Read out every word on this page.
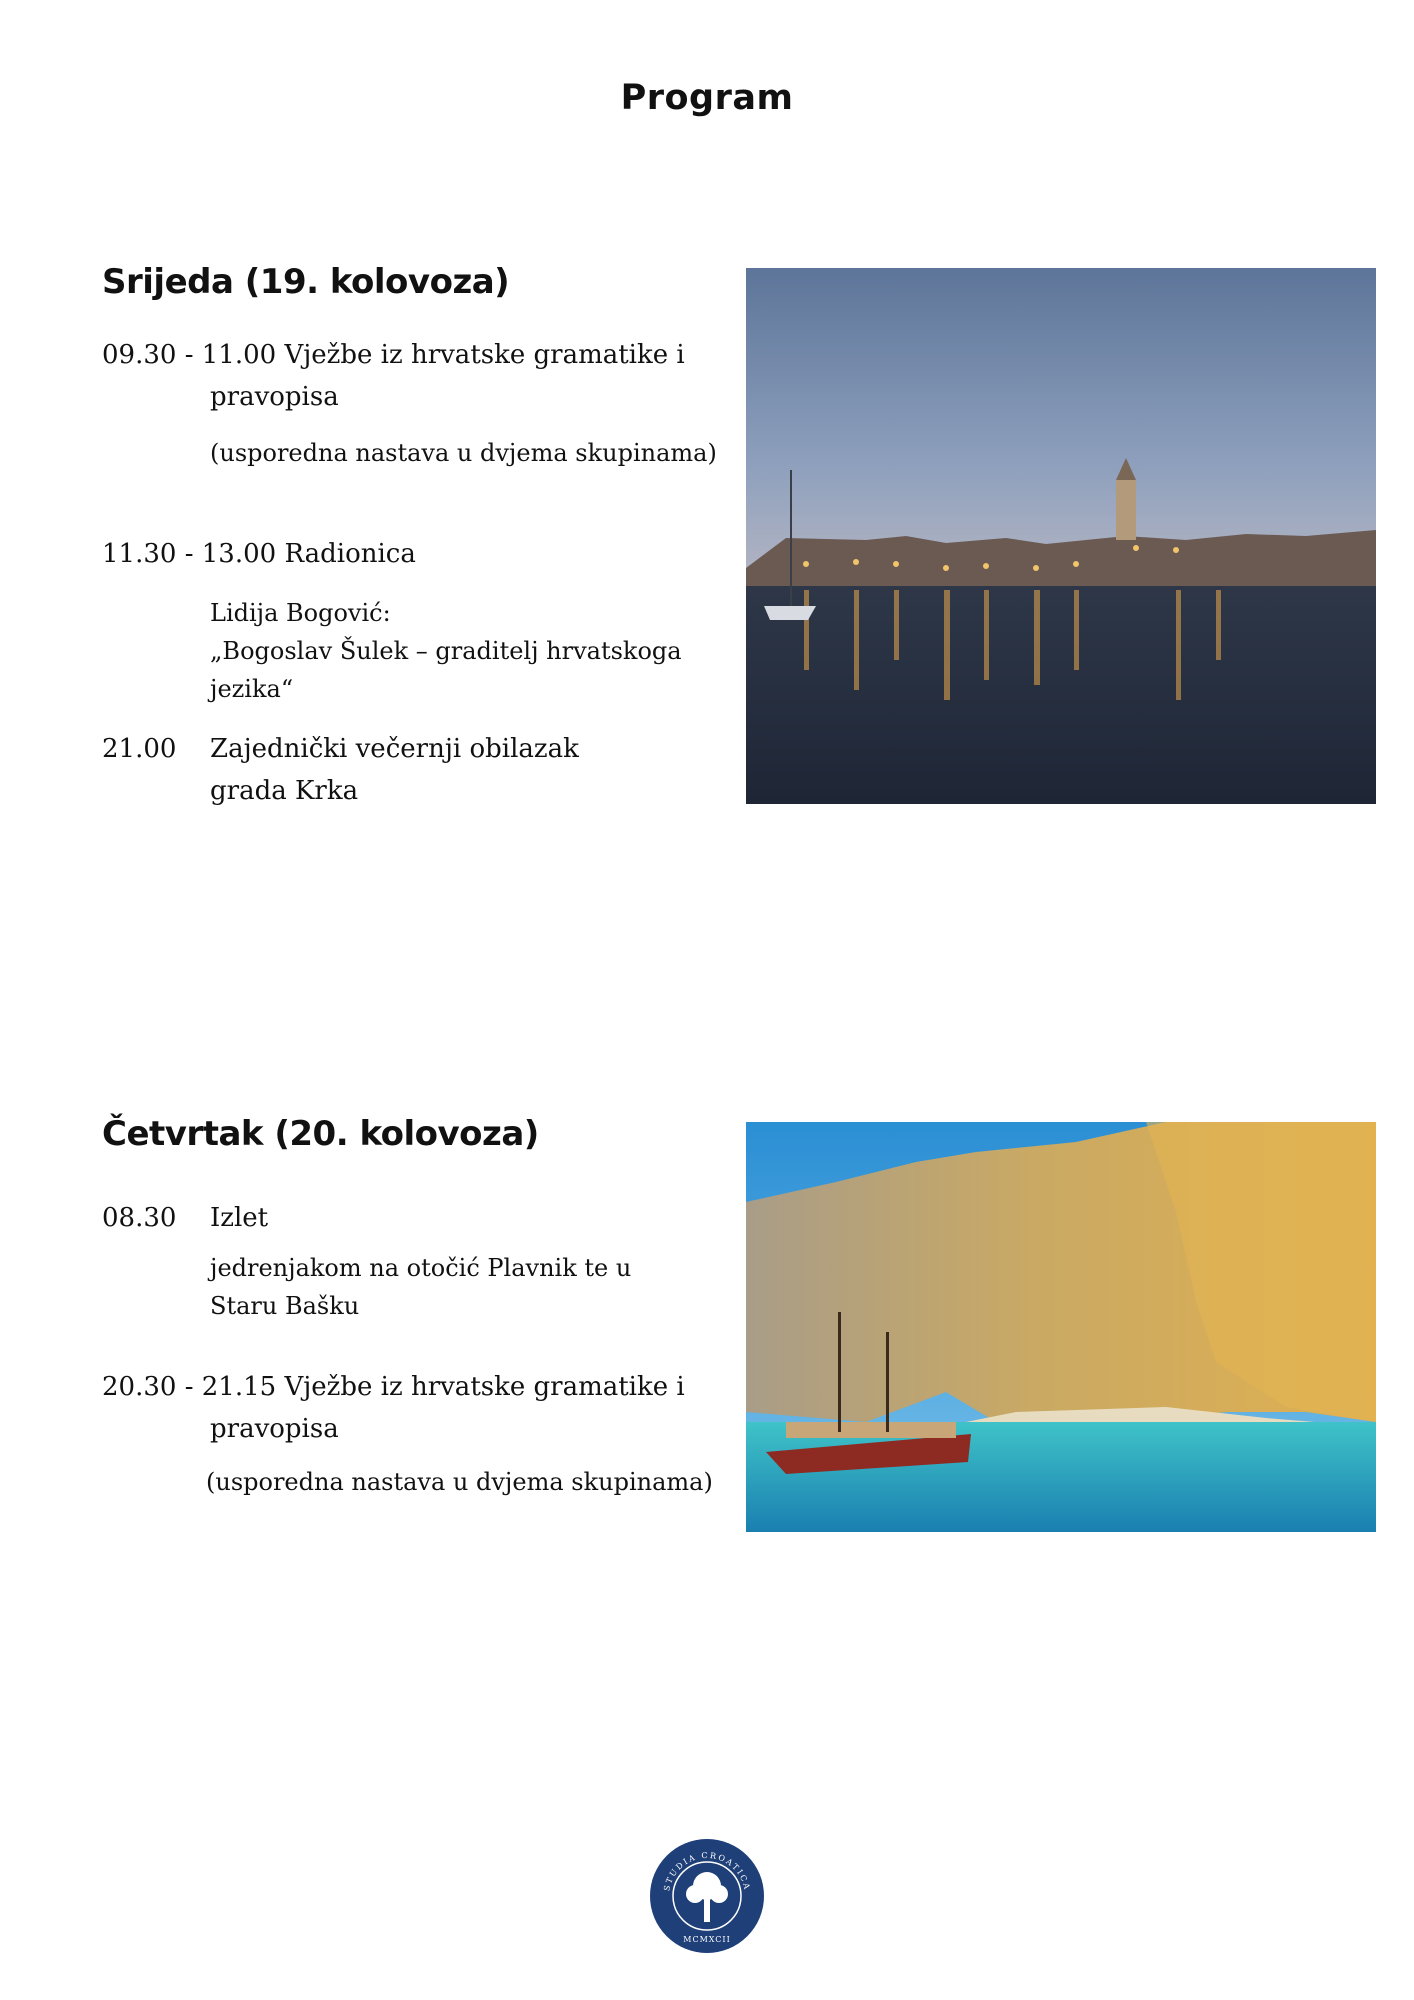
Program
Srijeda (19. kolovoza)
09.30 - 11.00 Vježbe iz hrvatske gramatike i pravopisa
(usporedna nastava u dvjema skupinama)
11.30 - 13.00 Radionica
Lidija Bogović:
„Bogoslav Šulek – graditelj hrvatskoga jezika“
21.00 Zajednički večernji obilazak grada Krka
Četvrtak (20. kolovoza)
08.30 Izlet
jedrenjakom na otočić Plavnik te u Staru Bašku
20.30 - 21.15 Vježbe iz hrvatske gramatike i pravopisa
(usporedna nastava u dvjema skupinama)
STUDIA CROATICA
MCMXCII
